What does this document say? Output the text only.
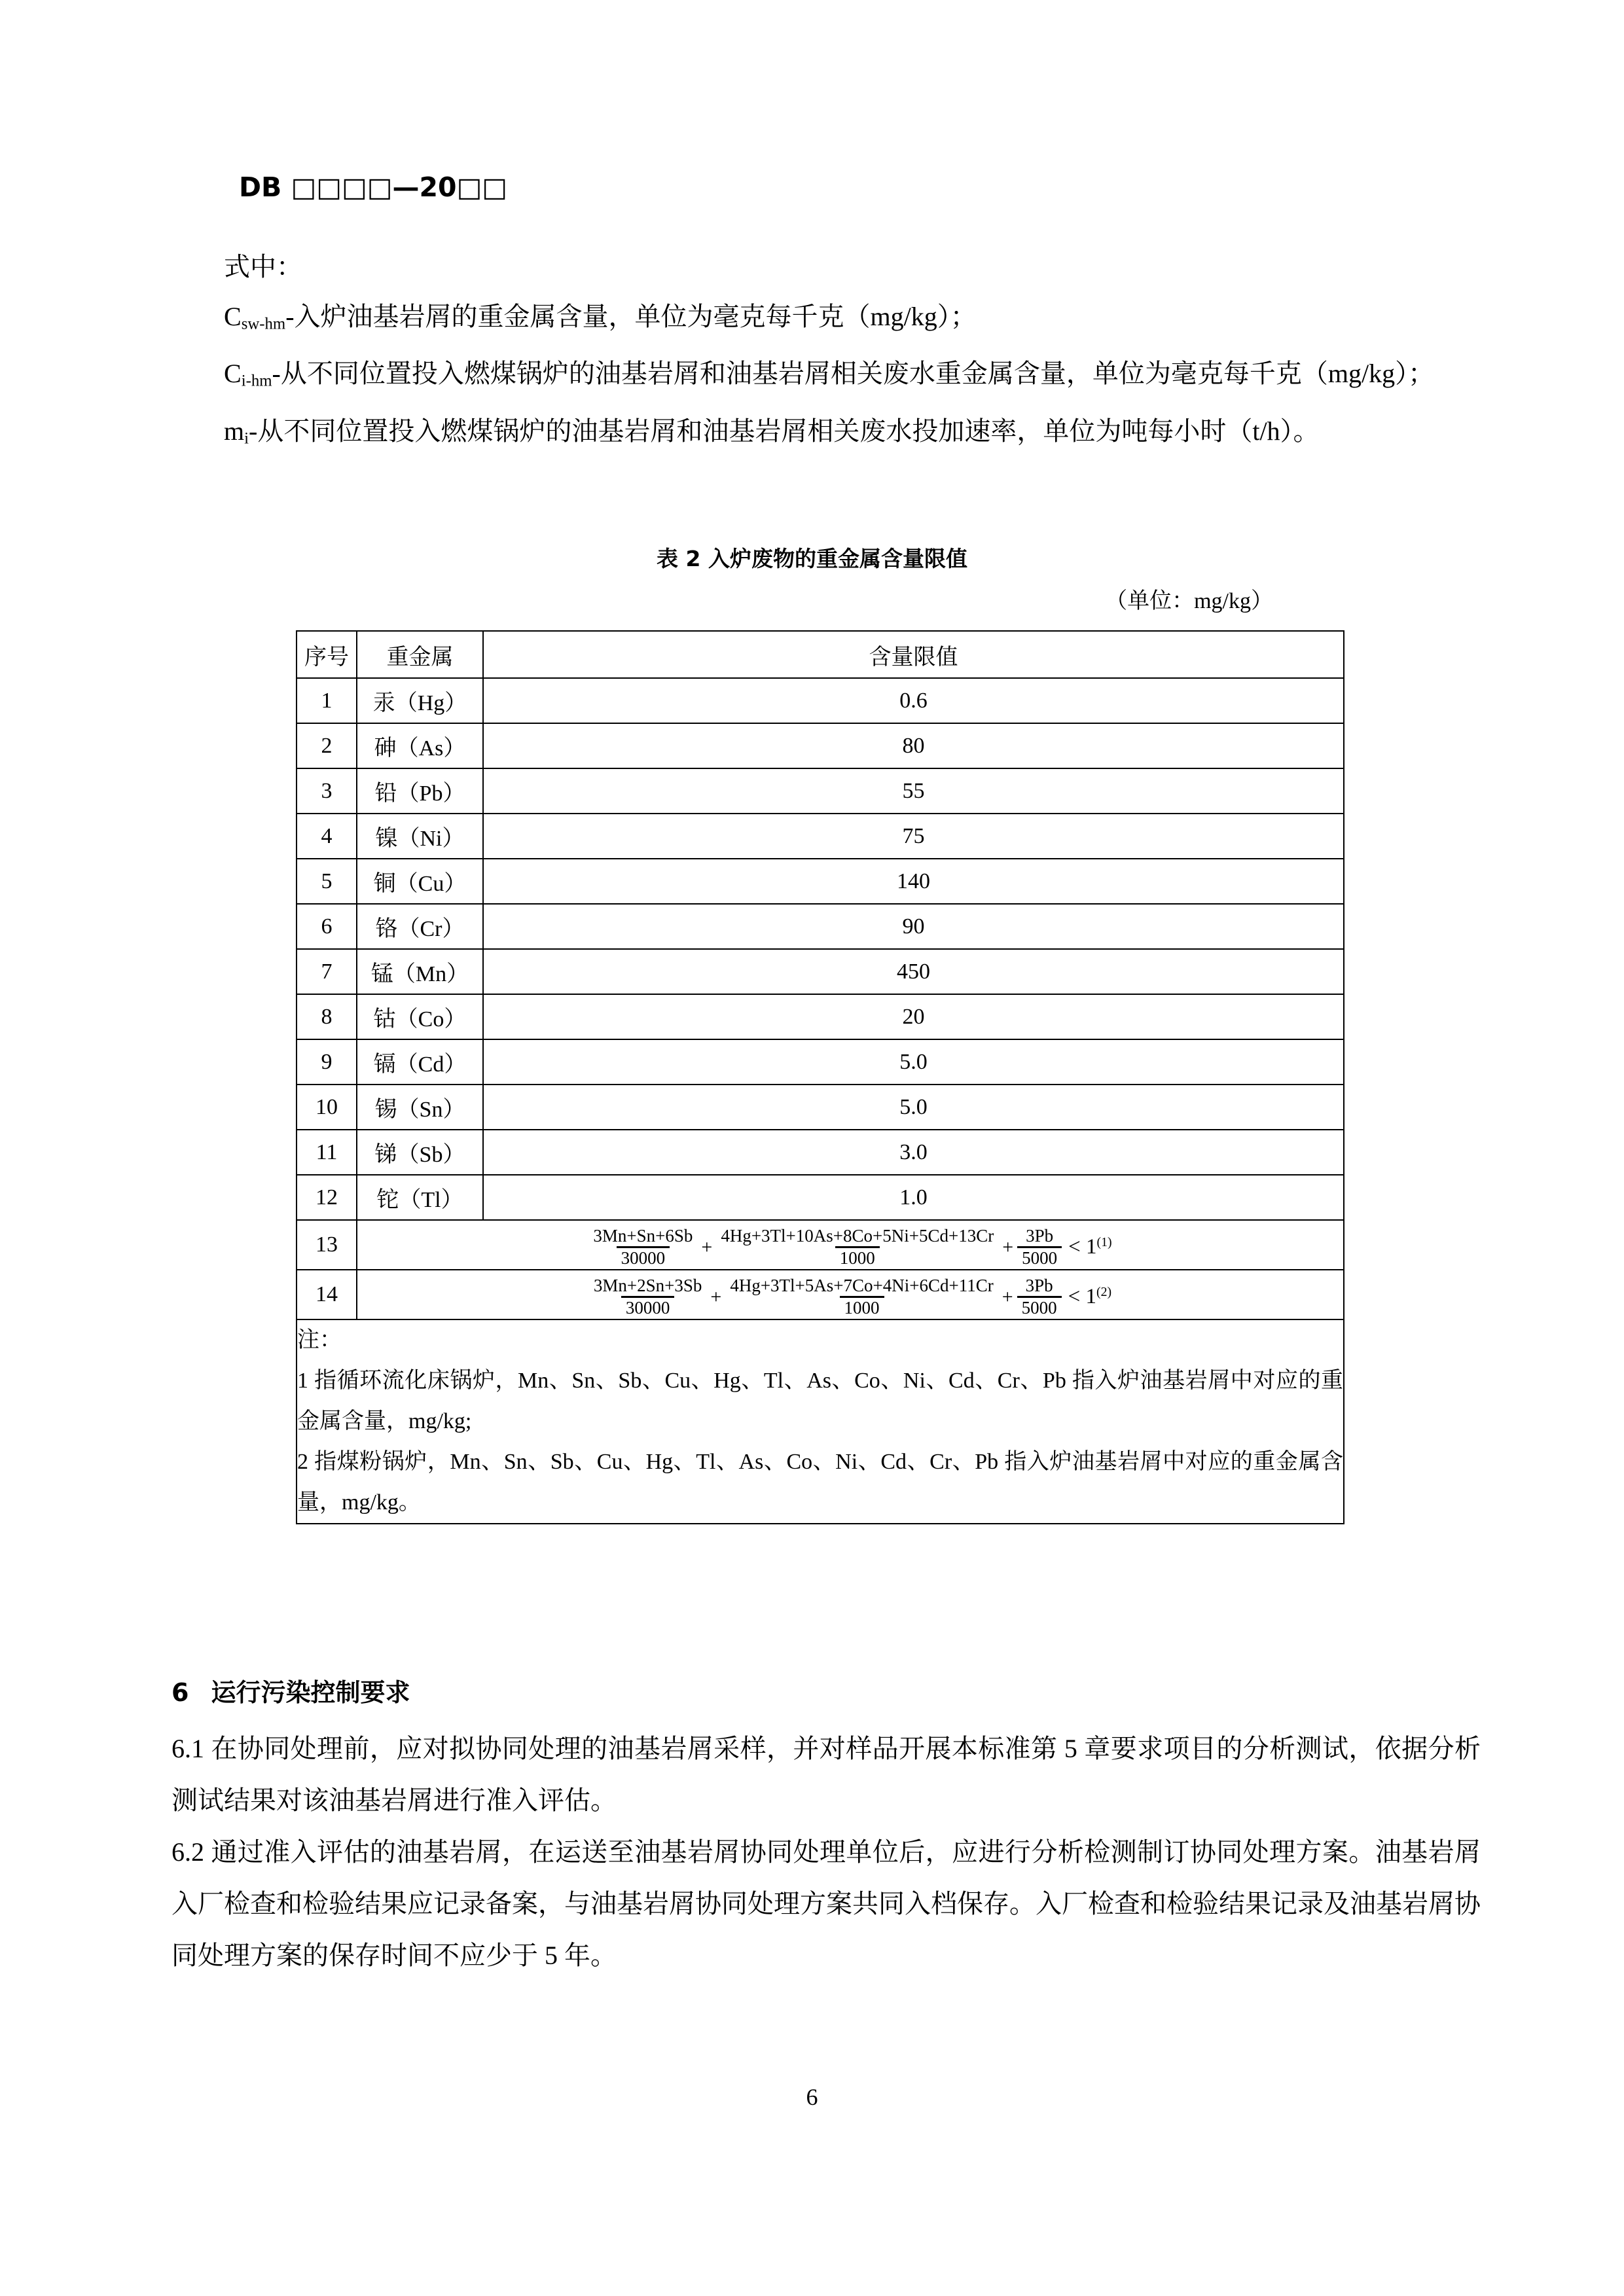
DB □□□□—20□□

式中：

$C_{sw-hm}-$入炉油基岩屑的重金属含量，单位为毫克每千克（mg/kg）；

$C_{i-hm}-$从不同位置投入燃煤锅炉的油基岩屑和油基岩屑相关废水重金属含量，单位为毫克每千克（mg/kg）；

$m_i-$从不同位置投入燃煤锅炉的油基岩屑和油基岩屑相关废水投加速率，单位为吨每小时（t/h）。

表 2 入炉废物的重金属含量限值
（单位：mg/kg）
序号	重金属	含量限值
1	汞（Hg）	0.6
2	砷（As）	80
3	铅（Pb）	55
4	镍（Ni）	75
5	铜（Cu）	140
6	铬（Cr）	90
7	锰（Mn）	450
8	钴（Co）	20
9	镉（Cd）	5.0
10	锡（Sn）	5.0
11	锑（Sb）	3.0
12	铊（Tl）	1.0
13	$\frac{3Mn+Sn+6Sb}{30000} + \frac{4Hg+3Tl+10As+8Co+5Ni+5Cd+13Cr}{1000} + \frac{3Pb}{5000} < 1^{(1)}$

14	$\frac{3Mn+2Sn+3Sb}{30000} + \frac{4Hg+3Tl+5As+7Co+4Ni+6Cd+11Cr}{1000} + \frac{3Pb}{5000} < 1^{(2)}$

注：
1 指循环流化床锅炉，Mn、Sn、Sb、Cu、Hg、Tl、As、Co、Ni、Cd、Cr、Pb 指入炉油基岩屑中对应的重金属含量，mg/kg;
2 指煤粉锅炉，Mn、Sn、Sb、Cu、Hg、Tl、As、Co、Ni、Cd、Cr、Pb 指入炉油基岩屑中对应的重金属含量，mg/kg。		
6 运行污染控制要求

6.1 在协同处理前，应对拟协同处理的油基岩屑采样，并对样品开展本标准第 5 章要求项目的分析测试，依据分析测试结果对该油基岩屑进行准入评估。

6.2 通过准入评估的油基岩屑，在运送至油基岩屑协同处理单位后，应进行分析检测制订协同处理方案。油基岩屑入厂检查和检验结果应记录备案，与油基岩屑协同处理方案共同入档保存。入厂检查和检验结果记录及油基岩屑协同处理方案的保存时间不应少于 5 年。

6
